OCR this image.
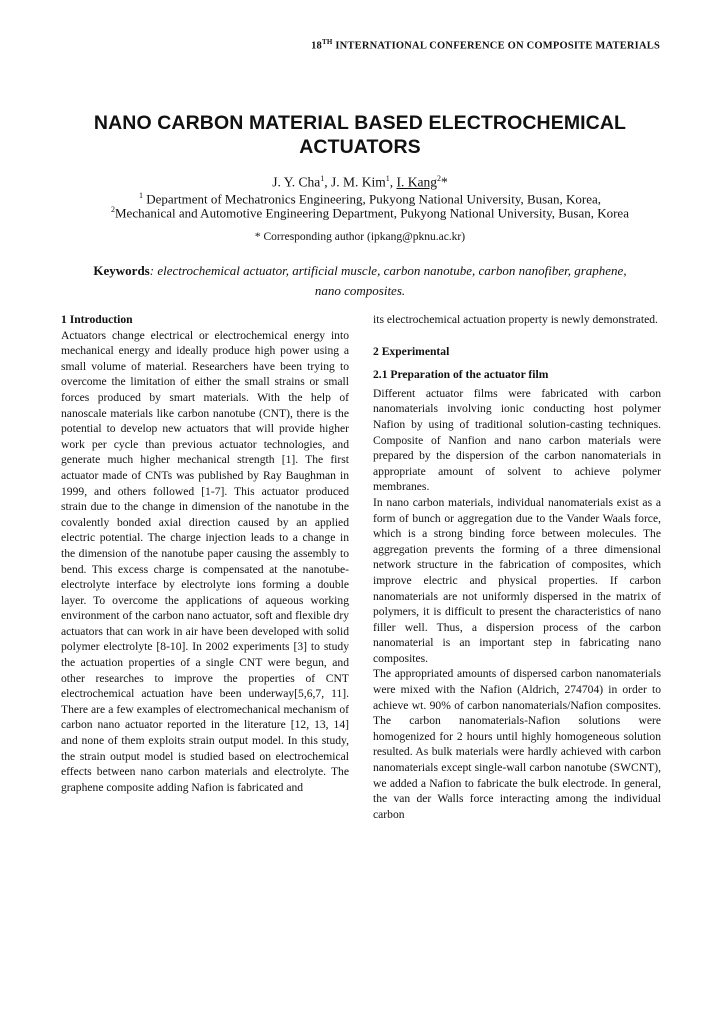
18TH INTERNATIONAL CONFERENCE ON COMPOSITE MATERIALS
NANO CARBON MATERIAL BASED ELECTROCHEMICAL ACTUATORS
J. Y. Cha$^1$, J. M. Kim$^1$, I. Kang$^2$*
$^1$ Department of Mechatronics Engineering, Pukyong National University, Busan, Korea,
$^2$Mechanical and Automotive Engineering Department, Pukyong National University, Busan, Korea
* Corresponding author (ipkang@pknu.ac.kr)
Keywords: electrochemical actuator, artificial muscle, carbon nanotube, carbon nanofiber, graphene, nano composites.

1 Introduction

Actuators change electrical or electrochemical energy into mechanical energy and ideally produce high power using a small volume of material. Researchers have been trying to overcome the limitation of either the small strains or small forces produced by smart materials. With the help of nanoscale materials like carbon nanotube (CNT), there is the potential to develop new actuators that will provide higher work per cycle than previous actuator technologies, and generate much higher mechanical strength [1]. The first actuator made of CNTs was published by Ray Baughman in 1999, and others followed [1-7]. This actuator produced strain due to the change in dimension of the nanotube in the covalently bonded axial direction caused by an applied electric potential. The charge injection leads to a change in the dimension of the nanotube paper causing the assembly to bend. This excess charge is compensated at the nanotube-electrolyte interface by electrolyte ions forming a double layer. To overcome the applications of aqueous working environment of the carbon nano actuator, soft and flexible dry actuators that can work in air have been developed with solid polymer electrolyte [8-10]. In 2002 experiments [3] to study the actuation properties of a single CNT were begun, and other researches to improve the properties of CNT electrochemical actuation have been underway[5,6,7, 11]. There are a few examples of electromechanical mechanism of carbon nano actuator reported in the literature [12, 13, 14] and none of them exploits strain output model. In this study, the strain output model is studied based on electrochemical effects between nano carbon materials and electrolyte. The graphene composite adding Nafion is fabricated and

its electrochemical actuation property is newly demonstrated.

2 Experimental

2.1 Preparation of the actuator film

Different actuator films were fabricated with carbon nanomaterials involving ionic conducting host polymer Nafion by using of traditional solution-casting techniques. Composite of Nanfion and nano carbon materials were prepared by the dispersion of the carbon nanomaterials in appropriate amount of solvent to achieve polymer membranes.

In nano carbon materials, individual nanomaterials exist as a form of bunch or aggregation due to the Vander Waals force, which is a strong binding force between molecules. The aggregation prevents the forming of a three dimensional network structure in the fabrication of composites, which improve electric and physical properties. If carbon nanomaterials are not uniformly dispersed in the matrix of polymers, it is difficult to present the characteristics of nano filler well. Thus, a dispersion process of the carbon nanomaterial is an important step in fabricating nano composites.

The appropriated amounts of dispersed carbon nanomaterials were mixed with the Nafion (Aldrich, 274704) in order to achieve wt. 90% of carbon nanomaterials/Nafion composites. The carbon nanomaterials-Nafion solutions were homogenized for 2 hours until highly homogeneous solution resulted. As bulk materials were hardly achieved with carbon nanomaterials except single-wall carbon nanotube (SWCNT), we added a Nafion to fabricate the bulk electrode. In general, the van der Walls force interacting among the individual carbon
